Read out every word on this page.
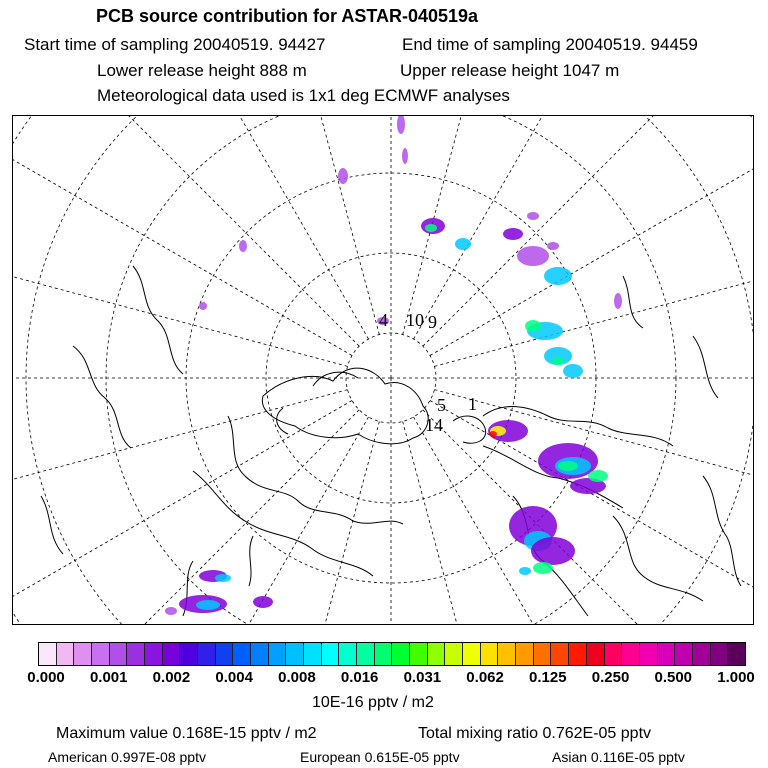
PCB source contribution for ASTAR-040519a
Start time of sampling 20040519. 94427	End time of sampling 20040519. 94459
Lower release height 888 m	Upper release height 1047 m
Meteorological data used is 1x1 deg ECMWF analyses
4 10 9
5
14
1
0.000 0.001 0.002 0.004 0.008 0.016 0.031 0.062 0.125 0.250 0.500 1.000
10E-16 pptv / m2
Maximum value 0.168E-15 pptv / m2	Total mixing ratio 0.762E-05 pptv
American 0.997E-08 pptv	European 0.615E-05 pptv	Asian 0.116E-05 pptv
